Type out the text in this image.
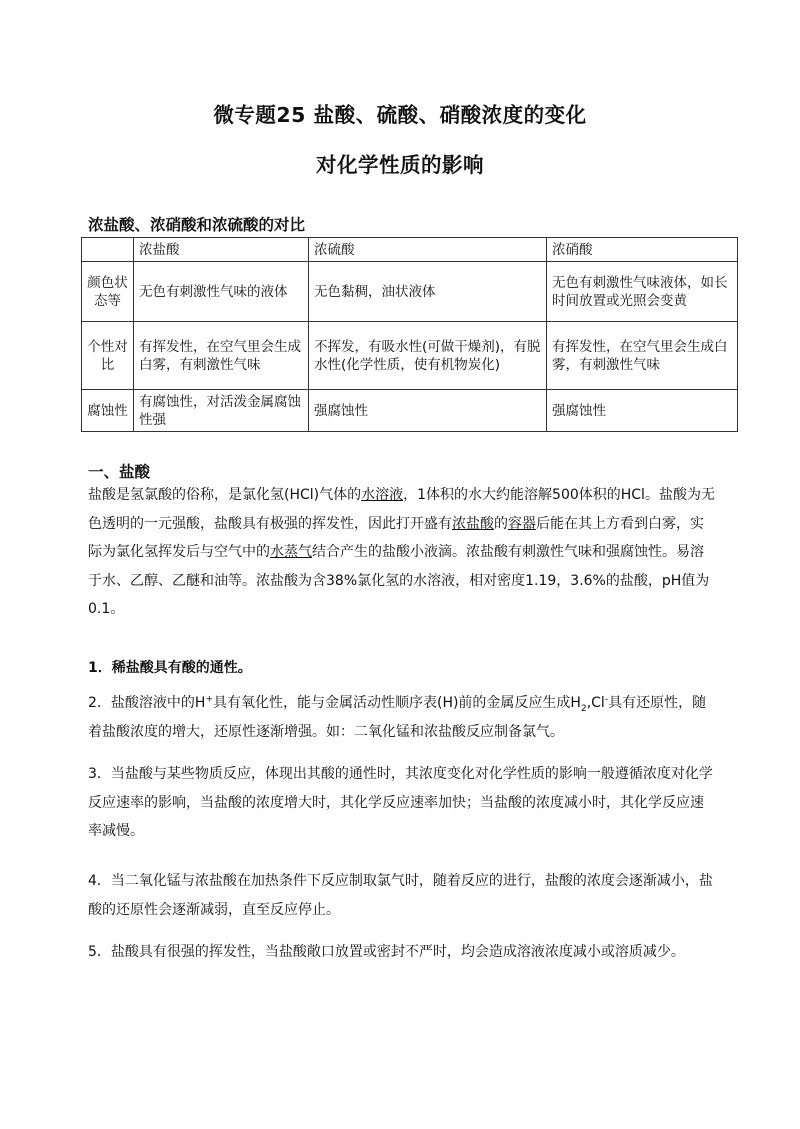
微专题25 盐酸、硫酸、硝酸浓度的变化
对化学性质的影响
浓盐酸、浓硝酸和浓硫酸的对比
	浓盐酸	浓硫酸	浓硝酸
颜色状态等	无色有刺激性气味的液体	无色黏稠，油状液体	无色有刺激性气味液体，如长时间放置或光照会变黄
个性对比	有挥发性，在空气里会生成白雾，有刺激性气味	不挥发，有吸水性(可做干燥剂)，有脱水性(化学性质，使有机物炭化)	有挥发性，在空气里会生成白雾，有刺激性气味
腐蚀性	有腐蚀性，对活泼金属腐蚀性强	强腐蚀性	强腐蚀性
一、盐酸
盐酸是氢氯酸的俗称，是氯化氢(HCl)气体的水溶液，1体积的水大约能溶解500体积的HCl。盐酸为无色透明的一元强酸，盐酸具有极强的挥发性，因此打开盛有浓盐酸的容器后能在其上方看到白雾，实际为氯化氢挥发后与空气中的水蒸气结合产生的盐酸小液滴。浓盐酸有刺激性气味和强腐蚀性。易溶于水、乙醇、乙醚和油等。浓盐酸为含38%氯化氢的水溶液，相对密度1.19，3.6%的盐酸，pH值为0.1。
1．稀盐酸具有酸的通性。
2．盐酸溶液中的H+具有氧化性，能与金属活动性顺序表(H)前的金属反应生成$H_2,Cl^-$具有还原性，随着盐酸浓度的增大，还原性逐渐增强。如：二氧化锰和浓盐酸反应制备氯气。
3．当盐酸与某些物质反应，体现出其酸的通性时，其浓度变化对化学性质的影响一般遵循浓度对化学反应速率的影响，当盐酸的浓度增大时，其化学反应速率加快；当盐酸的浓度减小时，其化学反应速率减慢。
4．当二氧化锰与浓盐酸在加热条件下反应制取氯气时，随着反应的进行，盐酸的浓度会逐渐减小，盐酸的还原性会逐渐减弱，直至反应停止。
5．盐酸具有很强的挥发性，当盐酸敞口放置或密封不严时，均会造成溶液浓度减小或溶质减少。
